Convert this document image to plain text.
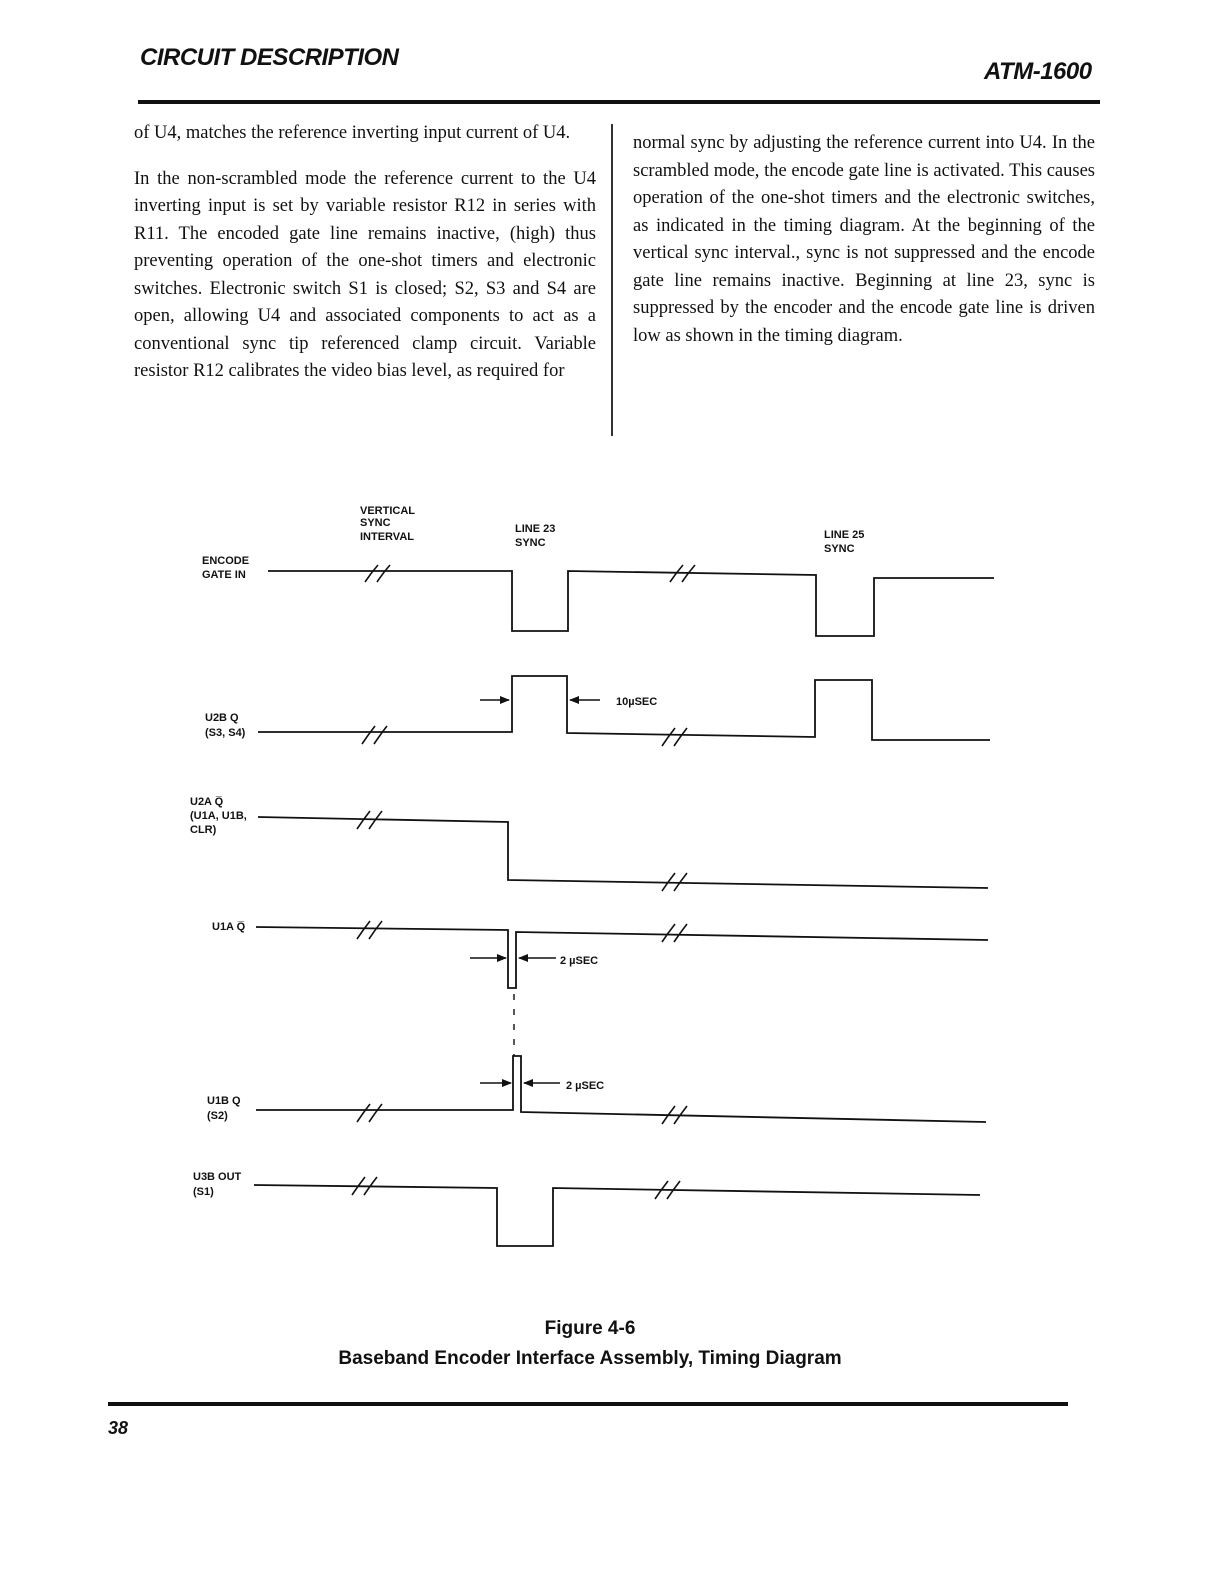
CIRCUIT DESCRIPTION
ATM-1600

of U4, matches the reference inverting input current of U4.

In the non-scrambled mode the reference current to the U4 inverting input is set by variable resistor R12 in series with R11. The encoded gate line remains inactive, (high) thus preventing operation of the one-shot timers and electronic switches. Electronic switch S1 is closed; S2, S3 and S4 are open, allowing U4 and associated components to act as a conventional sync tip referenced clamp circuit. Variable resistor R12 calibrates the video bias level, as required for

normal sync by adjusting the reference current into U4. In the scrambled mode, the encode gate line is activated. This causes operation of the one-shot timers and the electronic switches, as indicated in the timing diagram. At the beginning of the vertical sync interval., sync is not suppressed and the encode gate line remains inactive. Beginning at line 23, sync is suppressed by the encoder and the encode gate line is driven low as shown in the timing diagram.

VERTICAL
SYNC
INTERVAL
LINE 23
SYNC
LINE 25
SYNC
ENCODE
GATE IN
U2B Q
(S3, S4)
U2A Q̅
(U1A, U1B,
CLR)
U1A Q̅
U1B Q
(S2)
U3B OUT
(S1)
10µSEC
2 µSEC
2 µSEC
Figure 4-6
Baseband Encoder Interface Assembly, Timing Diagram
38
